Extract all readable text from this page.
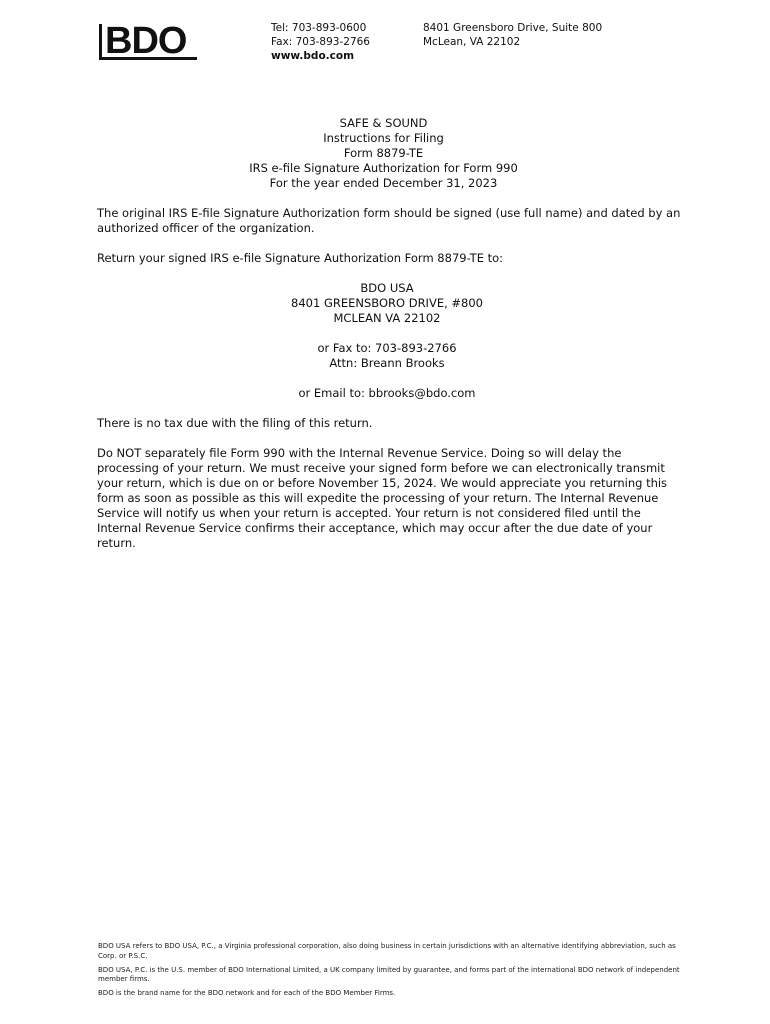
BDO	Tel: 703-893-0600
Fax: 703-893-2766
www.bdo.com
8401 Greensboro Drive, Suite 800
McLean, VA 22102
SAFE & SOUND
Instructions for Filing
Form 8879-TE
IRS e-file Signature Authorization for Form 990
For the year ended December 31, 2023
The original IRS E-file Signature Authorization form should be signed (use full name) and dated by an
authorized officer of the organization.
Return your signed IRS e-file Signature Authorization Form 8879-TE to:
BDO USA
8401 GREENSBORO DRIVE, #800
MCLEAN VA 22102
or Fax to: 703-893-2766
Attn: Breann Brooks
or Email to: bbrooks@bdo.com
There is no tax due with the filing of this return.
Do NOT separately file Form 990 with the Internal Revenue Service. Doing so will delay the
processing of your return. We must receive your signed form before we can electronically transmit
your return, which is due on or before November 15, 2024. We would appreciate you returning this
form as soon as possible as this will expedite the processing of your return. The Internal Revenue
Service will notify us when your return is accepted. Your return is not considered filed until the
Internal Revenue Service confirms their acceptance, which may occur after the due date of your
return.

BDO USA refers to BDO USA, P.C., a Virginia professional corporation, also doing business in certain jurisdictions with an alternative identifying abbreviation, such as
Corp. or P.S.C.

BDO USA, P.C. is the U.S. member of BDO International Limited, a UK company limited by guarantee, and forms part of the international BDO network of independent
member firms.

BDO is the brand name for the BDO network and for each of the BDO Member Firms.
